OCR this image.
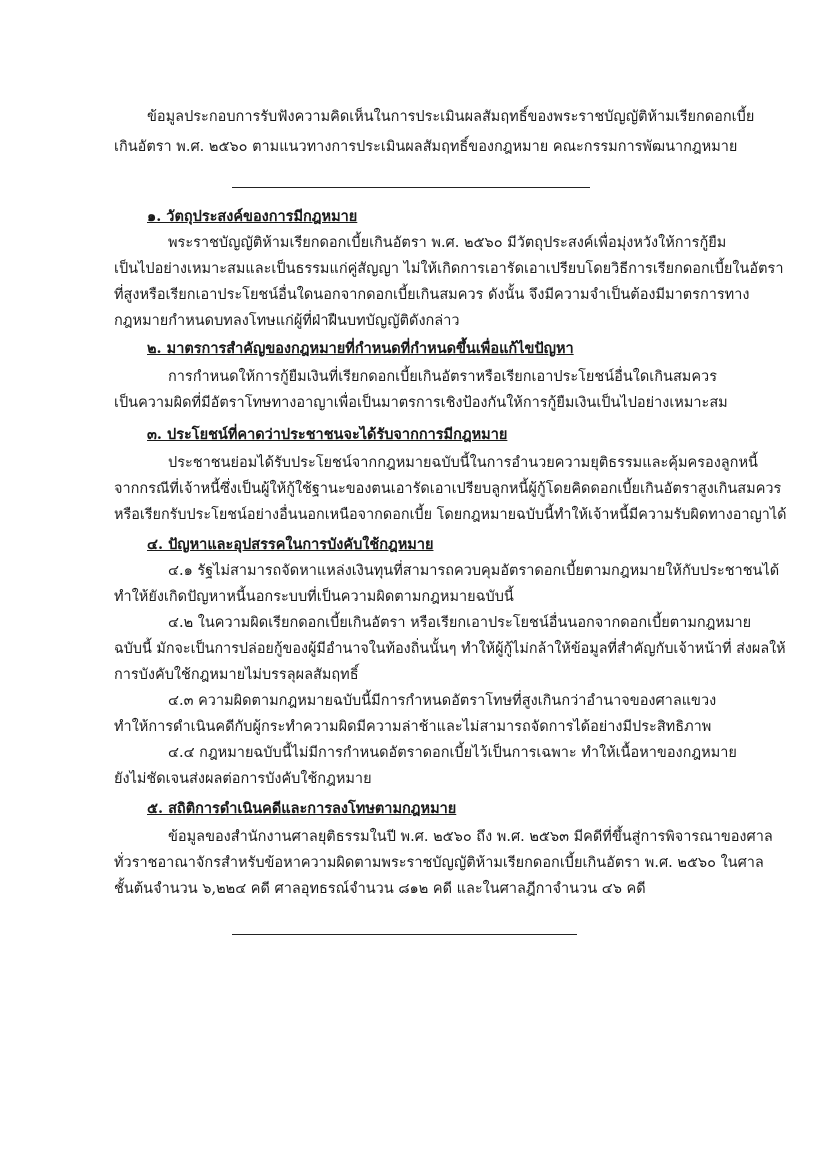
ข้อมูลประกอบการรับฟังความคิดเห็นในการประเมินผลสัมฤทธิ์ของพระราชบัญญัติห้ามเรียกดอกเบี้ย
เกินอัตรา พ.ศ. ๒๕๖๐ ตามแนวทางการประเมินผลสัมฤทธิ์ของกฎหมาย คณะกรรมการพัฒนากฎหมาย
๑. วัตถุประสงค์ของการมีกฎหมาย
พระราชบัญญัติห้ามเรียกดอกเบี้ยเกินอัตรา พ.ศ. ๒๕๖๐ มีวัตถุประสงค์เพื่อมุ่งหวังให้การกู้ยืม
เป็นไปอย่างเหมาะสมและเป็นธรรมแก่คู่สัญญา ไม่ให้เกิดการเอารัดเอาเปรียบโดยวิธีการเรียกดอกเบี้ยในอัตรา
ที่สูงหรือเรียกเอาประโยชน์อื่นใดนอกจากดอกเบี้ยเกินสมควร ดังนั้น จึงมีความจำเป็นต้องมีมาตรการทาง
กฎหมายกำหนดบทลงโทษแก่ผู้ที่ฝ่าฝืนบทบัญญัติดังกล่าว
๒. มาตรการสำคัญของกฎหมายที่กำหนดที่กำหนดขึ้นเพื่อแก้ไขปัญหา
การกำหนดให้การกู้ยืมเงินที่เรียกดอกเบี้ยเกินอัตราหรือเรียกเอาประโยชน์อื่นใดเกินสมควร
เป็นความผิดที่มีอัตราโทษทางอาญาเพื่อเป็นมาตรการเชิงป้องกันให้การกู้ยืมเงินเป็นไปอย่างเหมาะสม
๓. ประโยชน์ที่คาดว่าประชาชนจะได้รับจากการมีกฎหมาย
ประชาชนย่อมได้รับประโยชน์จากกฎหมายฉบับนี้ในการอำนวยความยุติธรรมและคุ้มครองลูกหนี้
จากกรณีที่เจ้าหนี้ซึ่งเป็นผู้ให้กู้ใช้ฐานะของตนเอารัดเอาเปรียบลูกหนี้ผู้กู้โดยคิดดอกเบี้ยเกินอัตราสูงเกินสมควร
หรือเรียกรับประโยชน์อย่างอื่นนอกเหนือจากดอกเบี้ย โดยกฎหมายฉบับนี้ทำให้เจ้าหนี้มีความรับผิดทางอาญาได้
๔. ปัญหาและอุปสรรคในการบังคับใช้กฎหมาย
๔.๑ รัฐไม่สามารถจัดหาแหล่งเงินทุนที่สามารถควบคุมอัตราดอกเบี้ยตามกฎหมายให้กับประชาชนได้
ทำให้ยังเกิดปัญหาหนี้นอกระบบที่เป็นความผิดตามกฎหมายฉบับนี้
๔.๒ ในความผิดเรียกดอกเบี้ยเกินอัตรา หรือเรียกเอาประโยชน์อื่นนอกจากดอกเบี้ยตามกฎหมาย
ฉบับนี้ มักจะเป็นการปล่อยกู้ของผู้มีอำนาจในท้องถิ่นนั้นๆ ทำให้ผู้กู้ไม่กล้าให้ข้อมูลที่สำคัญกับเจ้าหน้าที่ ส่งผลให้
การบังคับใช้กฎหมายไม่บรรลุผลสัมฤทธิ์
๔.๓ ความผิดตามกฎหมายฉบับนี้มีการกำหนดอัตราโทษที่สูงเกินกว่าอำนาจของศาลแขวง
ทำให้การดำเนินคดีกับผู้กระทำความผิดมีความล่าช้าและไม่สามารถจัดการได้อย่างมีประสิทธิภาพ
๔.๔ กฎหมายฉบับนี้ไม่มีการกำหนดอัตราดอกเบี้ยไว้เป็นการเฉพาะ ทำให้เนื้อหาของกฎหมาย
ยังไม่ชัดเจนส่งผลต่อการบังคับใช้กฎหมาย
๕. สถิติการดำเนินคดีและการลงโทษตามกฎหมาย
ข้อมูลของสำนักงานศาลยุติธรรมในปี พ.ศ. ๒๕๖๐ ถึง พ.ศ. ๒๕๖๓ มีคดีที่ขึ้นสู่การพิจารณาของศาล
ทั่วราชอาณาจักรสำหรับข้อหาความผิดตามพระราชบัญญัติห้ามเรียกดอกเบี้ยเกินอัตรา พ.ศ. ๒๕๖๐ ในศาล
ชั้นต้นจำนวน ๖,๒๒๔ คดี ศาลอุทธรณ์จำนวน ๘๑๒ คดี และในศาลฎีกาจำนวน ๔๖ คดี
